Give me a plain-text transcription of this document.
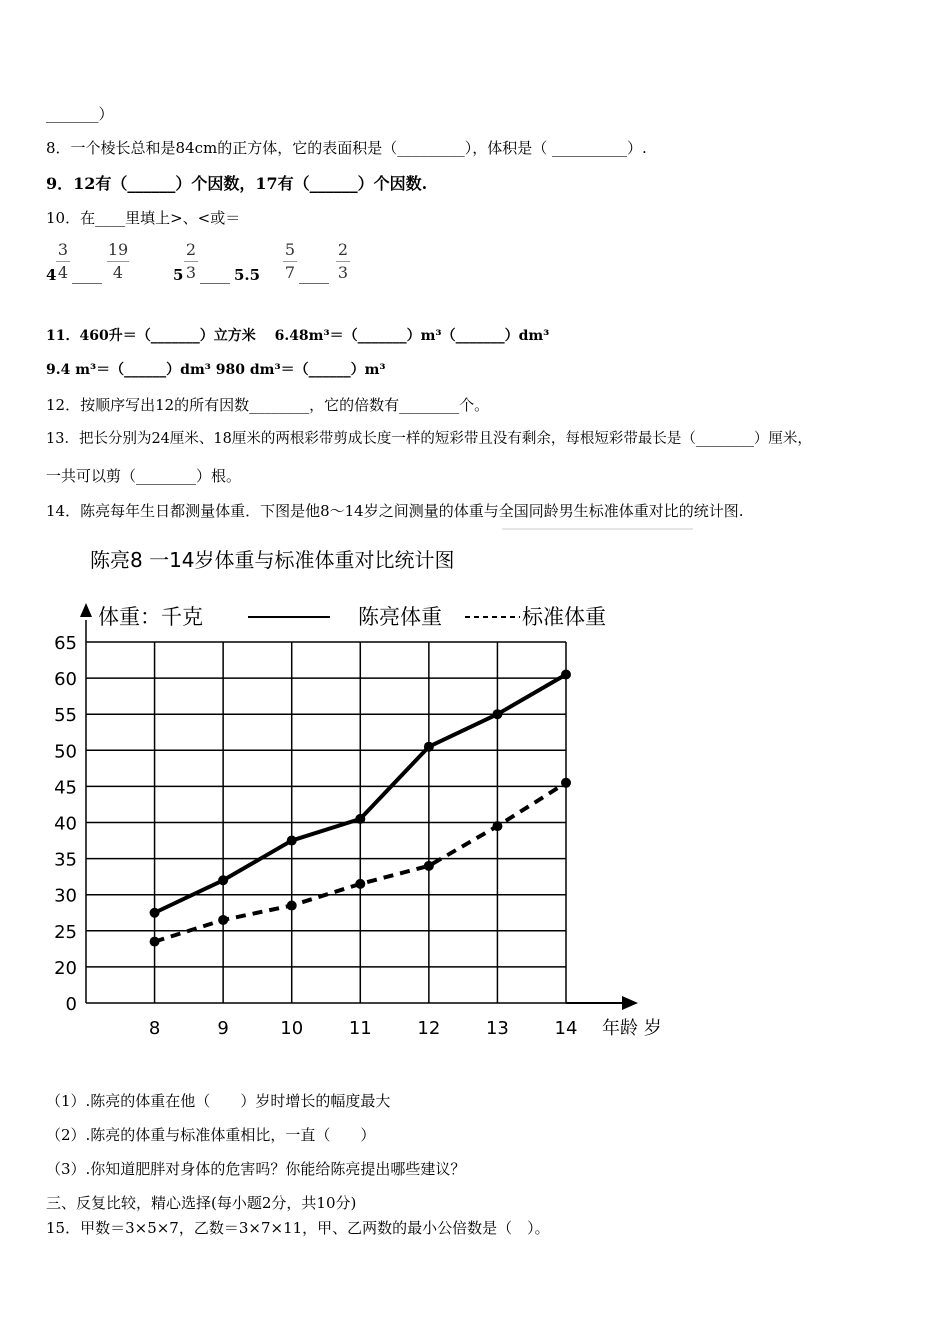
_______）
8．一个棱长总和是84cm的正方体，它的表面积是（_________），体积是（ __________）.
9．12有（______）个因数，17有（______）个因数.
10．在____里填上>、<或＝
4
3
4 ____
19
4	5
2
3 ____ 5.5
5
7 ____
2
3
11．460升＝（_______）立方米　 6.48m³＝（_______）m³（_______）dm³
9.4 m³＝（______）dm³ 980 dm³＝（______）m³
12．按顺序写出12的所有因数________，它的倍数有________个。
13．把长分别为24厘米、18厘米的两根彩带剪成长度一样的短彩带且没有剩余，每根短彩带最长是（________）厘米，
一共可以剪（________）根。
14．陈亮每年生日都测量体重．下图是他8～14岁之间测量的体重与全国同龄男生标准体重对比的统计图.
陈亮8 一14岁体重与标准体重对比统计图
体重：千克	陈亮体重	标准体重
65
60
55
50
45
40
35
30
25
20
0
8	9	10	11	12	13	14 年龄 岁
（1）.陈亮的体重在他（　　）岁时增长的幅度最大
（2）.陈亮的体重与标准体重相比，一直（　　）
（3）.你知道肥胖对身体的危害吗？你能给陈亮提出哪些建议？
三、反复比较，精心选择(每小题2分，共10分)
15．甲数＝3×5×7，乙数＝3×7×11，甲、乙两数的最小公倍数是（　）。
